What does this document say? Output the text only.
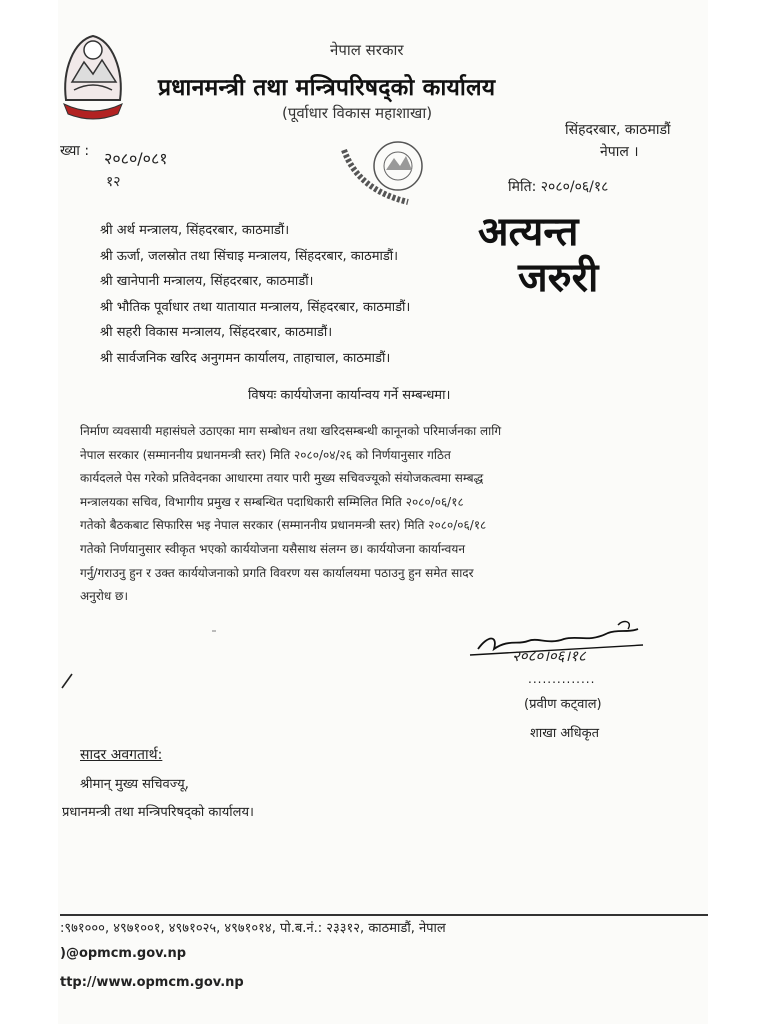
नेपाल सरकार
प्रधानमन्त्री तथा मन्त्रिपरिषद्को कार्यालय
(पूर्वाधार विकास महाशाखा)
सिंहदरबार, काठमाडौं
नेपाल ।
ख्या : २०८०/०८१
१२	मिति: २०८०/०६/१८
अत्यन्त
जरुरी
श्री अर्थ मन्त्रालय, सिंहदरबार, काठमाडौं।
श्री ऊर्जा, जलस्रोत तथा सिंचाइ मन्त्रालय, सिंहदरबार, काठमाडौं।
श्री खानेपानी मन्त्रालय, सिंहदरबार, काठमाडौं।
श्री भौतिक पूर्वाधार तथा यातायात मन्त्रालय, सिंहदरबार, काठमाडौं।
श्री सहरी विकास मन्त्रालय, सिंहदरबार, काठमाडौं।
श्री सार्वजनिक खरिद अनुगमन कार्यालय, ताहाचाल, काठमाडौं।
विषयः कार्ययोजना कार्यान्वय गर्ने सम्बन्धमा।
निर्माण व्यवसायी महासंघले उठाएका माग सम्बोधन तथा खरिदसम्बन्धी कानूनको परिमार्जनका लागि
नेपाल सरकार (सम्माननीय प्रधानमन्त्री स्तर) मिति २०८०/०४/२६ को निर्णयानुसार गठित
कार्यदलले पेस गरेको प्रतिवेदनका आधारमा तयार पारी मुख्य सचिवज्यूको संयोजकत्वमा सम्बद्ध
मन्त्रालयका सचिव, विभागीय प्रमुख र सम्बन्धित पदाधिकारी सम्मिलित मिति २०८०/०६/१८
गतेको बैठकबाट सिफारिस भइ नेपाल सरकार (सम्माननीय प्रधानमन्त्री स्तर) मिति २०८०/०६/१८
गतेको निर्णयानुसार स्वीकृत भएको कार्ययोजना यसैसाथ संलग्न छ। कार्ययोजना कार्यान्वयन
गर्नु/गराउनु हुन र उक्त कार्ययोजनाको प्रगति विवरण यस कार्यालयमा पठाउनु हुन समेत सादर
अनुरोध छ।
२०८०।०६।१८
..............
(प्रवीण कट्वाल)
शाखा अधिकृत
सादर अवगतार्थ:
श्रीमान् मुख्य सचिवज्यू,
प्रधानमन्त्री तथा मन्त्रिपरिषद्को कार्यालय।
:९७१०००, ४९७१००१, ४९७१०२५, ४९७१०१४, पो.ब.नं.: २३३१२, काठमाडौं, नेपाल
)@opmcm.gov.np
ttp://www.opmcm.gov.np
